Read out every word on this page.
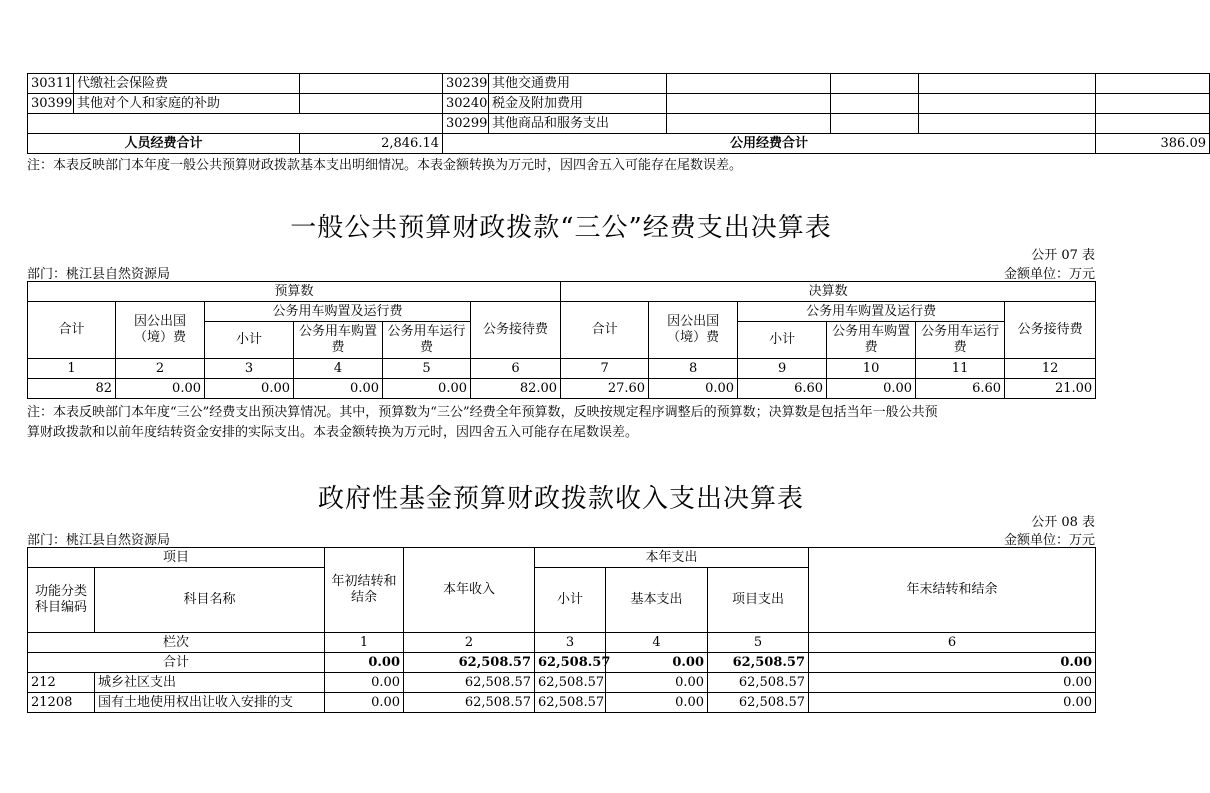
30311	代缴社会保险费		30239	其他交通费用				
30399	其他对个人和家庭的补助		30240	税金及附加费用				
			30299	其他商品和服务支出				
人员经费合计		2,846.14	公用经费合计					386.09
注：本表反映部门本年度一般公共预算财政拨款基本支出明细情况。本表金额转换为万元时，因四舍五入可能存在尾数误差。
一般公共预算财政拨款“三公”经费支出决算表
公开 07 表
部门：桃江县自然资源局	金额单位：万元
预算数						决算数					
合计	因公出国（境）费	公务用车购置及运行费			公务接待费	合计	因公出国（境）费	公务用车购置及运行费			公务接待费
		小计	公务用车购置费	公务用车运行费				小计	公务用车购置费	公务用车运行费	
1	2	3	4	5	6	7	8	9	10	11	12
82	0.00	0.00	0.00	0.00	82.00	27.60	0.00	6.60	0.00	6.60	21.00
注：本表反映部门本年度“三公”经费支出预决算情况。其中，预算数为“三公”经费全年预算数，反映按规定程序调整后的预算数；决算数是包括当年一般公共预
算财政拨款和以前年度结转资金安排的实际支出。本表金额转换为万元时，因四舍五入可能存在尾数误差。
政府性基金预算财政拨款收入支出决算表
公开 08 表
部门：桃江县自然资源局	金额单位：万元
项目		年初结转和结余	本年收入	本年支出			年末结转和结余
功能分类科目编码	科目名称			小计	基本支出	项目支出	
栏次		1	2	3	4	5	6
合计		0.00	62,508.57	62,508.57	0.00	62,508.57	0.00
212	城乡社区支出	0.00	62,508.57	62,508.57	0.00	62,508.57	0.00
21208	国有土地使用权出让收入安排的支	0.00	62,508.57	62,508.57	0.00	62,508.57	0.00
